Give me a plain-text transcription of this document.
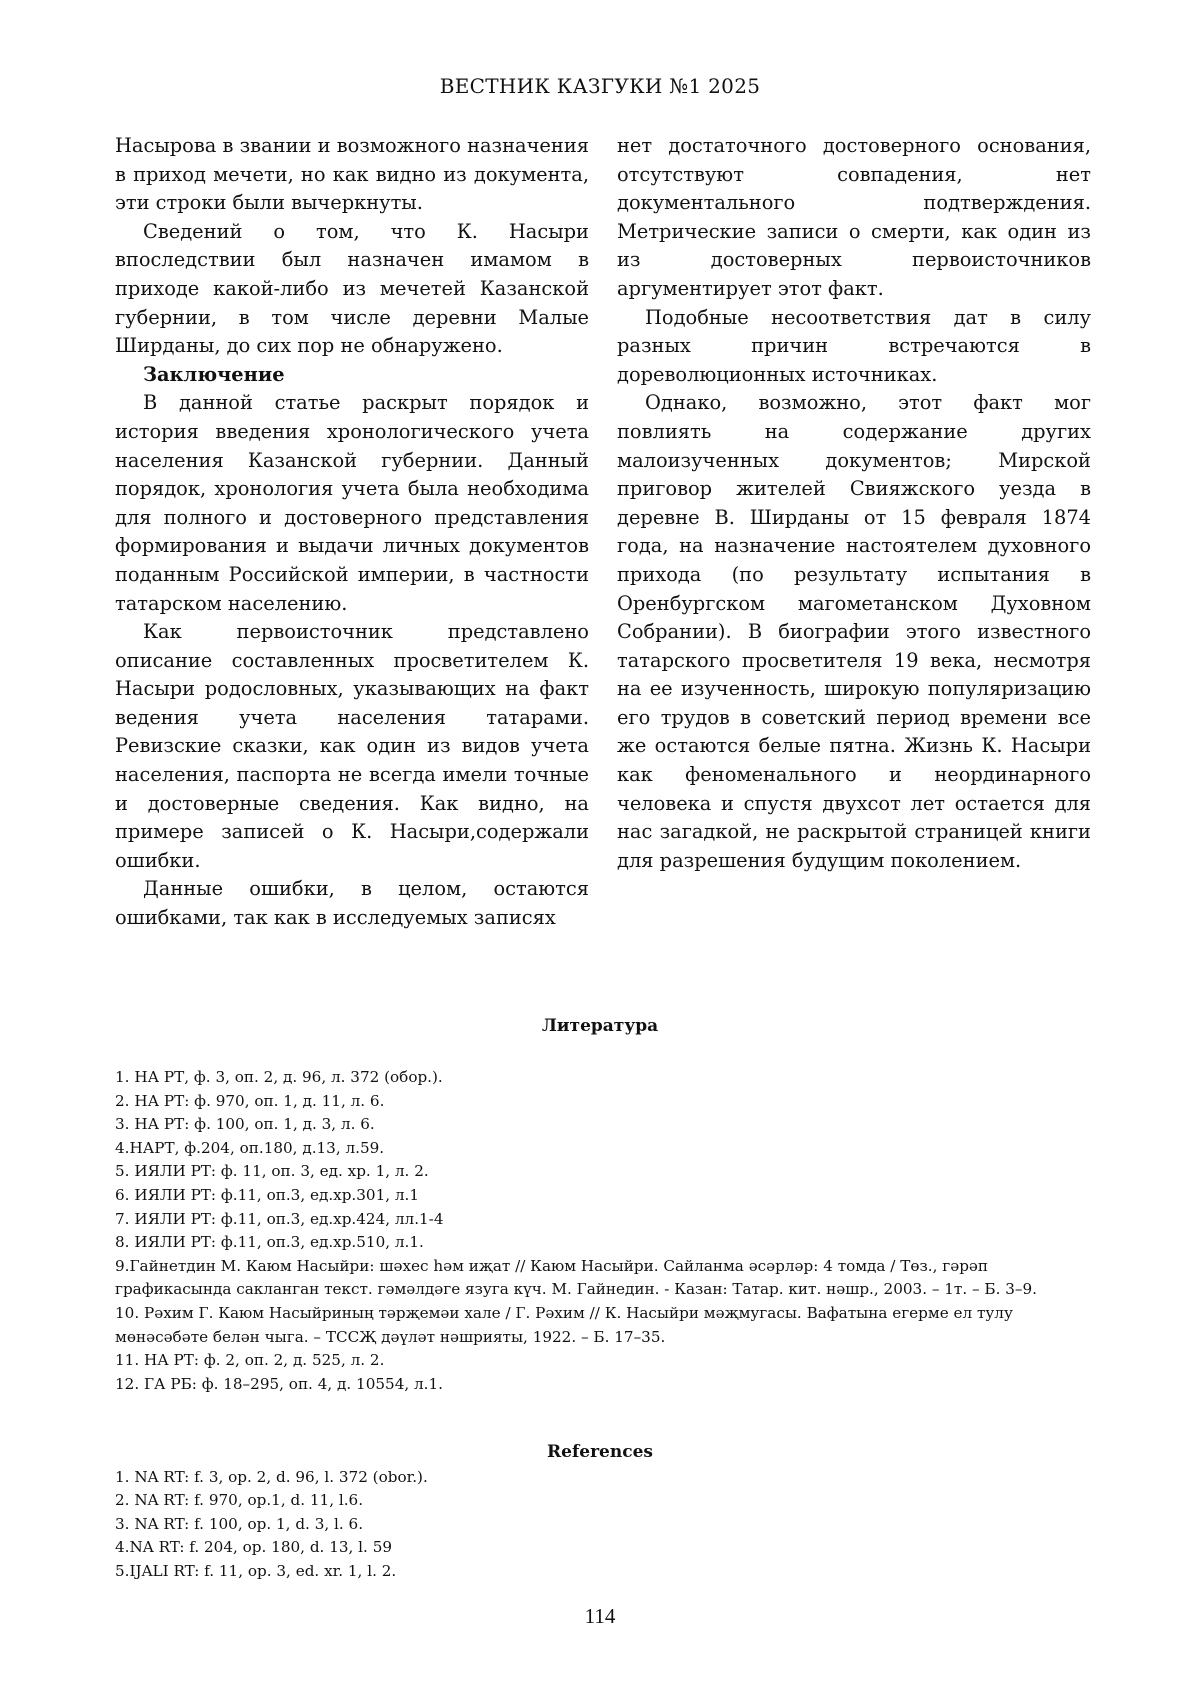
ВЕСТНИК КАЗГУКИ №1 2025

Насырова в звании и возможного назначения в приход мечети, но как видно из документа, эти строки были вычеркнуты.

Сведений о том, что К. Насыри впоследствии был назначен имамом в приходе какой-либо из мечетей Казанской губернии, в том числе деревни Малые Ширданы, до сих пор не обнаружено.

Заключение

В данной статье раскрыт порядок и история введения хронологического учета населения Казанской губернии. Данный порядок, хронология учета была необходима для полного и достоверного представления формирования и выдачи личных документов поданным Российской империи, в частности татарском населению.

Как первоисточник представлено описание составленных просветителем К. Насыри родословных, указывающих на факт ведения учета населения татарами. Ревизские сказки, как один из видов учета населения, паспорта не всегда имели точные и достоверные сведения. Как видно, на примере записей о К. Насыри,содержали ошибки.

Данные ошибки, в целом, остаются ошибками, так как в исследуемых записях

нет достаточного достоверного основания, отсутствуют совпадения, нет документального подтверждения. Метрические записи о смерти, как один из из достоверных первоисточников аргументирует этот факт.

Подобные несоответствия дат в силу разных причин встречаются в дореволюционных источниках.

Однако, возможно, этот факт мог повлиять на содержание других малоизученных документов; Мирской приговор жителей Свияжского уезда в деревне В. Ширданы от 15 февраля 1874 года, на назначение настоятелем духовного прихода (по результату испытания в Оренбургском магометанском Духовном Собрании). В биографии этого известного татарского просветителя 19 века, несмотря на ее изученность, широкую популяризацию его трудов в советский период времени все же остаются белые пятна. Жизнь К. Насыри как феноменального и неординарного человека и спустя двухсот лет остается для нас загадкой, не раскрытой страницей книги для разрешения будущим поколением.

Литература
1. НА РТ, ф. 3, оп. 2, д. 96, л. 372 (обор.).
2. НА РТ: ф. 970, оп. 1, д. 11, л. 6.
3. НА РТ: ф. 100, оп. 1, д. 3, л. 6.
4.НАРТ, ф.204, оп.180, д.13, л.59.
5. ИЯЛИ РТ: ф. 11, оп. 3, ед. хр. 1, л. 2.
6. ИЯЛИ РТ: ф.11, оп.3, ед.хр.301, л.1
7. ИЯЛИ РТ: ф.11, оп.3, ед.хр.424, лл.1-4
8. ИЯЛИ РТ: ф.11, оп.3, ед.хр.510, л.1.
9.Гайнетдин М. Каюм Насыйри: шәхес һәм иҗат // Каюм Насыйри. Сайланма әсәрләр: 4 томда / Төз., гәрәп графикасында сакланган текст. гәмәлдәге язуга күч. М. Гайнедин. - Казан: Татар. кит. нәшр., 2003. – 1т. – Б. 3–9.
10. Рәхим Г. Каюм Насыйриның тәрҗемәи хале / Г. Рәхим // К. Насыйри мәҗмугасы. Вафатына егерме ел тулу мөнәсәбәте белән чыга. – ТССҖ дәүләт нәшрияты, 1922. – Б. 17–35.
11. НА РТ: ф. 2, оп. 2, д. 525, л. 2.
12. ГА РБ: ф. 18–295, оп. 4, д. 10554, л.1.
References
1. NA RT: f. 3, op. 2, d. 96, l. 372 (obor.).
2. NA RT: f. 970, op.1, d. 11, l.6.
3. NA RT: f. 100, op. 1, d. 3, l. 6.
4.NA RT: f. 204, op. 180, d. 13, l. 59
5.IJALI RT: f. 11, op. 3, ed. xr. 1, l. 2.
114
